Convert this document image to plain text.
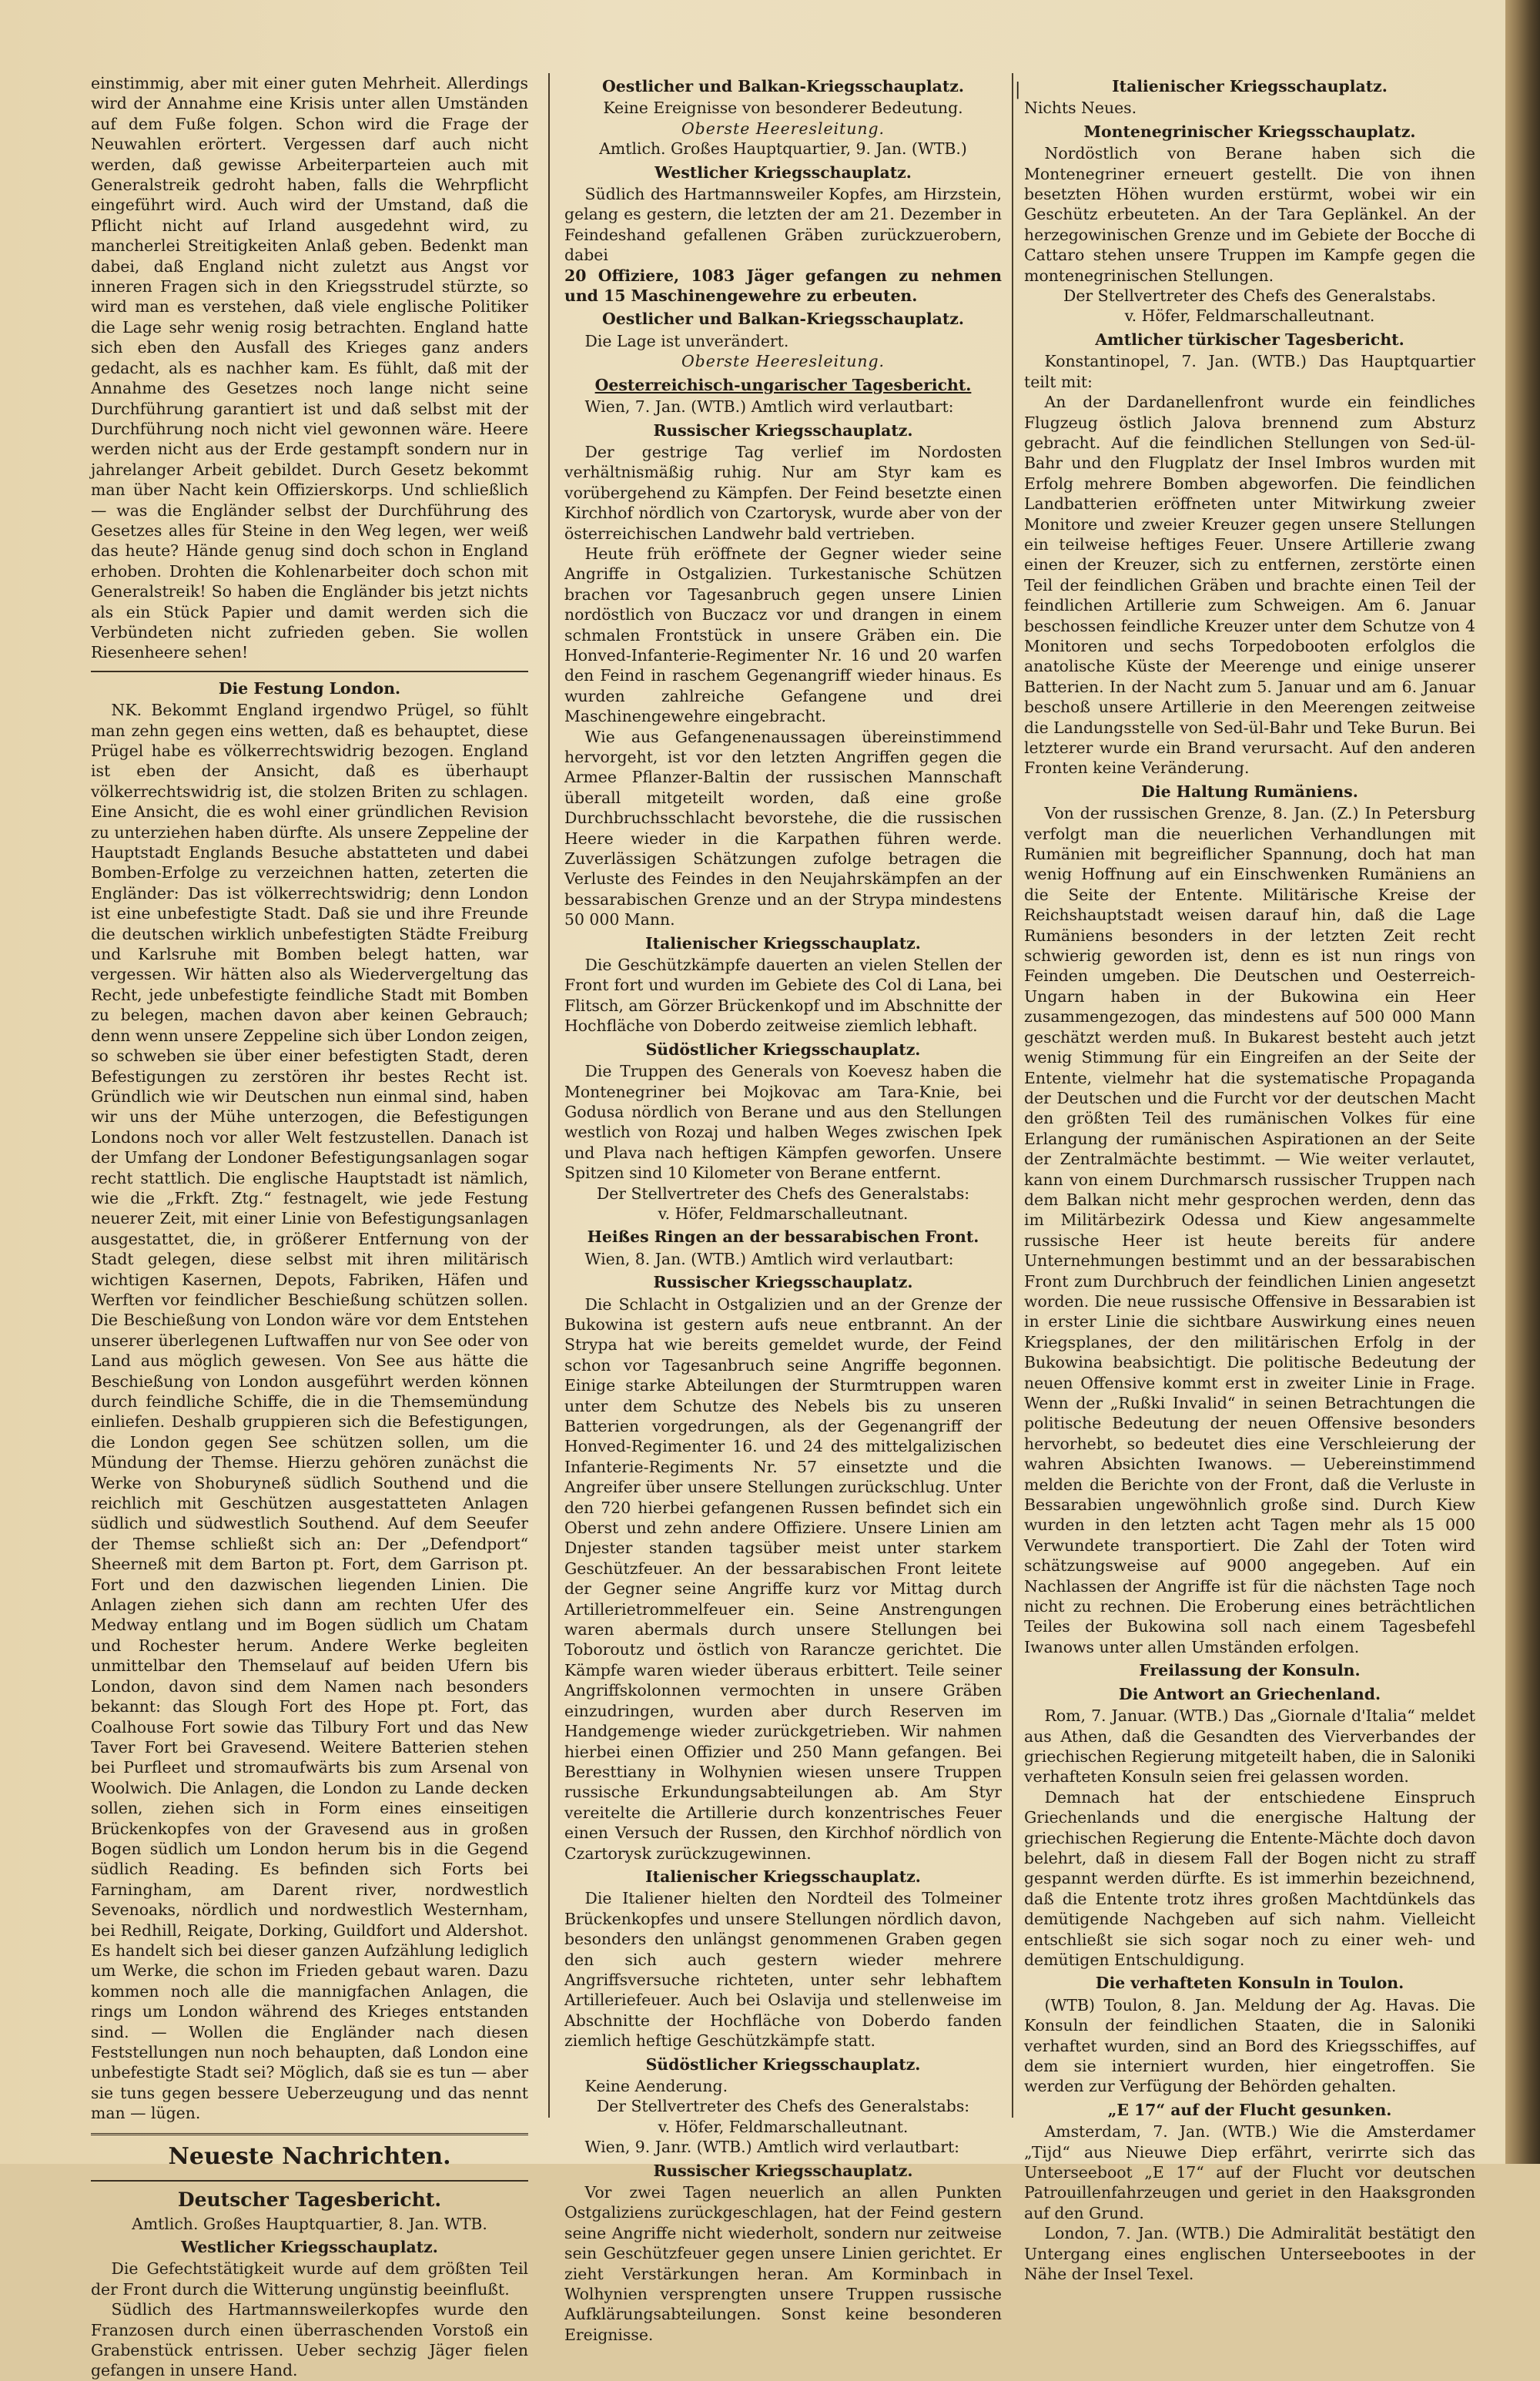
einstimmig, aber mit einer guten Mehrheit. Allerdings wird der Annahme eine Krisis unter allen Umständen auf dem Fuße folgen. Schon wird die Frage der Neuwahlen erörtert. Vergessen darf auch nicht werden, daß gewisse Arbeiterparteien auch mit Generalstreik gedroht haben, falls die Wehrpflicht eingeführt wird. Auch wird der Umstand, daß die Pflicht nicht auf Irland ausgedehnt wird, zu mancherlei Streitigkeiten Anlaß geben. Bedenkt man dabei, daß England nicht zuletzt aus Angst vor inneren Fragen sich in den Kriegsstrudel stürzte, so wird man es verstehen, daß viele englische Politiker die Lage sehr wenig rosig betrachten. England hatte sich eben den Ausfall des Krieges ganz anders gedacht, als es nachher kam. Es fühlt, daß mit der Annahme des Gesetzes noch lange nicht seine Durchführung garantiert ist und daß selbst mit der Durchführung noch nicht viel gewonnen wäre. Heere werden nicht aus der Erde gestampft sondern nur in jahrelanger Arbeit gebildet. Durch Gesetz bekommt man über Nacht kein Offizierskorps. Und schließlich — was die Engländer selbst der Durchführung des Gesetzes alles für Steine in den Weg legen, wer weiß das heute? Hände genug sind doch schon in England erhoben. Drohten die Kohlenarbeiter doch schon mit Generalstreik! So haben die Engländer bis jetzt nichts als ein Stück Papier und damit werden sich die Verbündeten nicht zufrieden geben. Sie wollen Riesenheere sehen!

Die Festung London.

NK. Bekommt England irgendwo Prügel, so fühlt man zehn gegen eins wetten, daß es behauptet, diese Prügel habe es völkerrechtswidrig bezogen. England ist eben der Ansicht, daß es überhaupt völkerrechtswidrig ist, die stolzen Briten zu schlagen. Eine Ansicht, die es wohl einer gründlichen Revision zu unterziehen haben dürfte. Als unsere Zeppeline der Hauptstadt Englands Besuche abstatteten und dabei Bomben-Erfolge zu verzeichnen hatten, zeterten die Engländer: Das ist völkerrechtswidrig; denn London ist eine unbefestigte Stadt. Daß sie und ihre Freunde die deutschen wirklich unbefestigten Städte Freiburg und Karlsruhe mit Bomben belegt hatten, war vergessen. Wir hätten also als Wiedervergeltung das Recht, jede unbefestigte feindliche Stadt mit Bomben zu belegen, machen davon aber keinen Gebrauch; denn wenn unsere Zeppeline sich über London zeigen, so schweben sie über einer befestigten Stadt, deren Befestigungen zu zerstören ihr bestes Recht ist. Gründlich wie wir Deutschen nun einmal sind, haben wir uns der Mühe unterzogen, die Befestigungen Londons noch vor aller Welt festzustellen. Danach ist der Umfang der Londoner Befestigungsanlagen sogar recht stattlich. Die englische Hauptstadt ist nämlich, wie die „Frkft. Ztg.“ festnagelt, wie jede Festung neuerer Zeit, mit einer Linie von Befestigungsanlagen ausgestattet, die, in größerer Entfernung von der Stadt gelegen, diese selbst mit ihren militärisch wichtigen Kasernen, Depots, Fabriken, Häfen und Werften vor feindlicher Beschießung schützen sollen. Die Beschießung von London wäre vor dem Entstehen unserer überlegenen Luftwaffen nur von See oder von Land aus möglich gewesen. Von See aus hätte die Beschießung von London ausgeführt werden können durch feindliche Schiffe, die in die Themsemündung einliefen. Deshalb gruppieren sich die Befestigungen, die London gegen See schützen sollen, um die Mündung der Themse. Hierzu gehören zunächst die Werke von Shoburyneß südlich Southend und die reichlich mit Geschützen ausgestatteten Anlagen südlich und südwestlich Southend. Auf dem Seeufer der Themse schließt sich an: Der „Defendport“ Sheerneß mit dem Barton pt. Fort, dem Garrison pt. Fort und den dazwischen liegenden Linien. Die Anlagen ziehen sich dann am rechten Ufer des Medway entlang und im Bogen südlich um Chatam und Rochester herum. Andere Werke begleiten unmittelbar den Themselauf auf beiden Ufern bis London, davon sind dem Namen nach besonders bekannt: das Slough Fort des Hope pt. Fort, das Coalhouse Fort sowie das Tilbury Fort und das New Taver Fort bei Gravesend. Weitere Batterien stehen bei Purfleet und stromaufwärts bis zum Arsenal von Woolwich. Die Anlagen, die London zu Lande decken sollen, ziehen sich in Form eines einseitigen Brückenkopfes von der Gravesend aus in großen Bogen südlich um London herum bis in die Gegend südlich Reading. Es befinden sich Forts bei Farningham, am Darent river, nordwestlich Sevenoaks, nördlich und nordwestlich Westernham, bei Redhill, Reigate, Dorking, Guildfort und Aldershot. Es handelt sich bei dieser ganzen Aufzählung lediglich um Werke, die schon im Frieden gebaut waren. Dazu kommen noch alle die mannigfachen Anlagen, die rings um London während des Krieges entstanden sind. — Wollen die Engländer nach diesen Feststellungen nun noch behaupten, daß London eine unbefestigte Stadt sei? Möglich, daß sie es tun — aber sie tuns gegen bessere Ueberzeugung und das nennt man — lügen.

Neueste Nachrichten.
Deutscher Tagesbericht.

Amtlich. Großes Hauptquartier, 8. Jan. WTB.

Westlicher Kriegsschauplatz.

Die Gefechtstätigkeit wurde auf dem größten Teil der Front durch die Witterung ungünstig beeinflußt.

Südlich des Hartmannsweilerkopfes wurde den Franzosen durch einen überraschenden Vorstoß ein Grabenstück entrissen. Ueber sechzig Jäger fielen gefangen in unsere Hand.

Oestlicher und Balkan-Kriegsschauplatz.

Keine Ereignisse von besonderer Bedeutung.

Oberste Heeresleitung.

Amtlich. Großes Hauptquartier, 9. Jan. (WTB.)

Westlicher Kriegsschauplatz.

Südlich des Hartmannsweiler Kopfes, am Hirzstein, gelang es gestern, die letzten der am 21. Dezember in Feindeshand gefallenen Gräben zurückzuerobern, dabei

20 Offiziere, 1083 Jäger gefangen zu nehmen und 15 Maschinengewehre zu erbeuten.

Oestlicher und Balkan-Kriegsschauplatz.

Die Lage ist unverändert.

Oberste Heeresleitung.

Oesterreichisch-ungarischer Tagesbericht.

Wien, 7. Jan. (WTB.) Amtlich wird verlautbart:

Russischer Kriegsschauplatz.

Der gestrige Tag verlief im Nordosten verhältnismäßig ruhig. Nur am Styr kam es vorübergehend zu Kämpfen. Der Feind besetzte einen Kirchhof nördlich von Czartorysk, wurde aber von der österreichischen Landwehr bald vertrieben.

Heute früh eröffnete der Gegner wieder seine Angriffe in Ostgalizien. Turkestanische Schützen brachen vor Tagesanbruch gegen unsere Linien nordöstlich von Buczacz vor und drangen in einem schmalen Frontstück in unsere Gräben ein. Die Honved-Infanterie-Regimenter Nr. 16 und 20 warfen den Feind in raschem Gegenangriff wieder hinaus. Es wurden zahlreiche Gefangene und drei Maschinengewehre eingebracht.

Wie aus Gefangenenaussagen übereinstimmend hervorgeht, ist vor den letzten Angriffen gegen die Armee Pflanzer-Baltin der russischen Mannschaft überall mitgeteilt worden, daß eine große Durchbruchsschlacht bevorstehe, die die russischen Heere wieder in die Karpathen führen werde. Zuverlässigen Schätzungen zufolge betragen die Verluste des Feindes in den Neujahrskämpfen an der bessarabischen Grenze und an der Strypa mindestens 50 000 Mann.

Italienischer Kriegsschauplatz.

Die Geschützkämpfe dauerten an vielen Stellen der Front fort und wurden im Gebiete des Col di Lana, bei Flitsch, am Görzer Brückenkopf und im Abschnitte der Hochfläche von Doberdo zeitweise ziemlich lebhaft.

Südöstlicher Kriegsschauplatz.

Die Truppen des Generals von Koevesz haben die Montenegriner bei Mojkovac am Tara-Knie, bei Godusa nördlich von Berane und aus den Stellungen westlich von Rozaj und halben Weges zwischen Ipek und Plava nach heftigen Kämpfen geworfen. Unsere Spitzen sind 10 Kilometer von Berane entfernt.

Der Stellvertreter des Chefs des Generalstabs:

v. Höfer, Feldmarschalleutnant.

Heißes Ringen an der bessarabischen Front.

Wien, 8. Jan. (WTB.) Amtlich wird verlautbart:

Russischer Kriegsschauplatz.

Die Schlacht in Ostgalizien und an der Grenze der Bukowina ist gestern aufs neue entbrannt. An der Strypa hat wie bereits gemeldet wurde, der Feind schon vor Tagesanbruch seine Angriffe begonnen. Einige starke Abteilungen der Sturmtruppen waren unter dem Schutze des Nebels bis zu unseren Batterien vorgedrungen, als der Gegenangriff der Honved-Regimenter 16. und 24 des mittelgalizischen Infanterie-Regiments Nr. 57 einsetzte und die Angreifer über unsere Stellungen zurückschlug. Unter den 720 hierbei gefangenen Russen befindet sich ein Oberst und zehn andere Offiziere. Unsere Linien am Dnjester standen tagsüber meist unter starkem Geschützfeuer. An der bessarabischen Front leitete der Gegner seine Angriffe kurz vor Mittag durch Artillerietrommelfeuer ein. Seine Anstrengungen waren abermals durch unsere Stellungen bei Toboroutz und östlich von Rarancze gerichtet. Die Kämpfe waren wieder überaus erbittert. Teile seiner Angriffskolonnen vermochten in unsere Gräben einzudringen, wurden aber durch Reserven im Handgemenge wieder zurückgetrieben. Wir nahmen hierbei einen Offizier und 250 Mann gefangen. Bei Beresttiany in Wolhynien wiesen unsere Truppen russische Erkundungsabteilungen ab. Am Styr vereitelte die Artillerie durch konzentrisches Feuer einen Versuch der Russen, den Kirchhof nördlich von Czartorysk zurückzugewinnen.

Italienischer Kriegsschauplatz.

Die Italiener hielten den Nordteil des Tolmeiner Brückenkopfes und unsere Stellungen nördlich davon, besonders den unlängst genommenen Graben gegen den sich auch gestern wieder mehrere Angriffsversuche richteten, unter sehr lebhaftem Artilleriefeuer. Auch bei Oslavija und stellenweise im Abschnitte der Hochfläche von Doberdo fanden ziemlich heftige Geschützkämpfe statt.

Südöstlicher Kriegsschauplatz.

Keine Aenderung.

Der Stellvertreter des Chefs des Generalstabs:

v. Höfer, Feldmarschalleutnant.

Wien, 9. Janr. (WTB.) Amtlich wird verlautbart:

Russischer Kriegsschauplatz.

Vor zwei Tagen neuerlich an allen Punkten Ostgaliziens zurückgeschlagen, hat der Feind gestern seine Angriffe nicht wiederholt, sondern nur zeitweise sein Geschützfeuer gegen unsere Linien gerichtet. Er zieht Verstärkungen heran. Am Korminbach in Wolhynien versprengten unsere Truppen russische Aufklärungsabteilungen. Sonst keine besonderen Ereignisse.

|	Italienischer Kriegsschauplatz.

Nichts Neues.

Montenegrinischer Kriegsschauplatz.

Nordöstlich von Berane haben sich die Montenegriner erneuert gestellt. Die von ihnen besetzten Höhen wurden erstürmt, wobei wir ein Geschütz erbeuteten. An der Tara Geplänkel. An der herzegowinischen Grenze und im Gebiete der Bocche di Cattaro stehen unsere Truppen im Kampfe gegen die montenegrinischen Stellungen.

Der Stellvertreter des Chefs des Generalstabs.

v. Höfer, Feldmarschalleutnant.

Amtlicher türkischer Tagesbericht.

Konstantinopel, 7. Jan. (WTB.) Das Hauptquartier teilt mit:

An der Dardanellenfront wurde ein feindliches Flugzeug östlich Jalova brennend zum Absturz gebracht. Auf die feindlichen Stellungen von Sed-ül-Bahr und den Flugplatz der Insel Imbros wurden mit Erfolg mehrere Bomben abgeworfen. Die feindlichen Landbatterien eröffneten unter Mitwirkung zweier Monitore und zweier Kreuzer gegen unsere Stellungen ein teilweise heftiges Feuer. Unsere Artillerie zwang einen der Kreuzer, sich zu entfernen, zerstörte einen Teil der feindlichen Gräben und brachte einen Teil der feindlichen Artillerie zum Schweigen. Am 6. Januar beschossen feindliche Kreuzer unter dem Schutze von 4 Monitoren und sechs Torpedobooten erfolglos die anatolische Küste der Meerenge und einige unserer Batterien. In der Nacht zum 5. Januar und am 6. Januar beschoß unsere Artillerie in den Meerengen zeitweise die Landungsstelle von Sed-ül-Bahr und Teke Burun. Bei letzterer wurde ein Brand verursacht. Auf den anderen Fronten keine Veränderung.

Die Haltung Rumäniens.

Von der russischen Grenze, 8. Jan. (Z.) In Petersburg verfolgt man die neuerlichen Verhandlungen mit Rumänien mit begreiflicher Spannung, doch hat man wenig Hoffnung auf ein Einschwenken Rumäniens an die Seite der Entente. Militärische Kreise der Reichshauptstadt weisen darauf hin, daß die Lage Rumäniens besonders in der letzten Zeit recht schwierig geworden ist, denn es ist nun rings von Feinden umgeben. Die Deutschen und Oesterreich-Ungarn haben in der Bukowina ein Heer zusammengezogen, das mindestens auf 500 000 Mann geschätzt werden muß. In Bukarest besteht auch jetzt wenig Stimmung für ein Eingreifen an der Seite der Entente, vielmehr hat die systematische Propaganda der Deutschen und die Furcht vor der deutschen Macht den größten Teil des rumänischen Volkes für eine Erlangung der rumänischen Aspirationen an der Seite der Zentralmächte bestimmt. — Wie weiter verlautet, kann von einem Durchmarsch russischer Truppen nach dem Balkan nicht mehr gesprochen werden, denn das im Militärbezirk Odessa und Kiew angesammelte russische Heer ist heute bereits für andere Unternehmungen bestimmt und an der bessarabischen Front zum Durchbruch der feindlichen Linien angesetzt worden. Die neue russische Offensive in Bessarabien ist in erster Linie die sichtbare Auswirkung eines neuen Kriegsplanes, der den militärischen Erfolg in der Bukowina beabsichtigt. Die politische Bedeutung der neuen Offensive kommt erst in zweiter Linie in Frage. Wenn der „Rußki Invalid“ in seinen Betrachtungen die politische Bedeutung der neuen Offensive besonders hervorhebt, so bedeutet dies eine Verschleierung der wahren Absichten Iwanows. — Uebereinstimmend melden die Berichte von der Front, daß die Verluste in Bessarabien ungewöhnlich große sind. Durch Kiew wurden in den letzten acht Tagen mehr als 15 000 Verwundete transportiert. Die Zahl der Toten wird schätzungsweise auf 9000 angegeben. Auf ein Nachlassen der Angriffe ist für die nächsten Tage noch nicht zu rechnen. Die Eroberung eines beträchtlichen Teiles der Bukowina soll nach einem Tagesbefehl Iwanows unter allen Umständen erfolgen.

Freilassung der Konsuln.
Die Antwort an Griechenland.

Rom, 7. Januar. (WTB.) Das „Giornale d'Italia“ meldet aus Athen, daß die Gesandten des Vierverbandes der griechischen Regierung mitgeteilt haben, die in Saloniki verhafteten Konsuln seien frei gelassen worden.

Demnach hat der entschiedene Einspruch Griechenlands und die energische Haltung der griechischen Regierung die Entente-Mächte doch davon belehrt, daß in diesem Fall der Bogen nicht zu straff gespannt werden dürfte. Es ist immerhin bezeichnend, daß die Entente trotz ihres großen Machtdünkels das demütigende Nachgeben auf sich nahm. Vielleicht entschließt sie sich sogar noch zu einer weh- und demütigen Entschuldigung.

Die verhafteten Konsuln in Toulon.

(WTB) Toulon, 8. Jan. Meldung der Ag. Havas. Die Konsuln der feindlichen Staaten, die in Saloniki verhaftet wurden, sind an Bord des Kriegsschiffes, auf dem sie interniert wurden, hier eingetroffen. Sie werden zur Verfügung der Behörden gehalten.

„E 17“ auf der Flucht gesunken.

Amsterdam, 7. Jan. (WTB.) Wie die Amsterdamer „Tijd“ aus Nieuwe Diep erfährt, verirrte sich das Unterseeboot „E 17“ auf der Flucht vor deutschen Patrouillenfahrzeugen und geriet in den Haaksgronden auf den Grund.

London, 7. Jan. (WTB.) Die Admiralität bestätigt den Untergang eines englischen Unterseebootes in der Nähe der Insel Texel.
